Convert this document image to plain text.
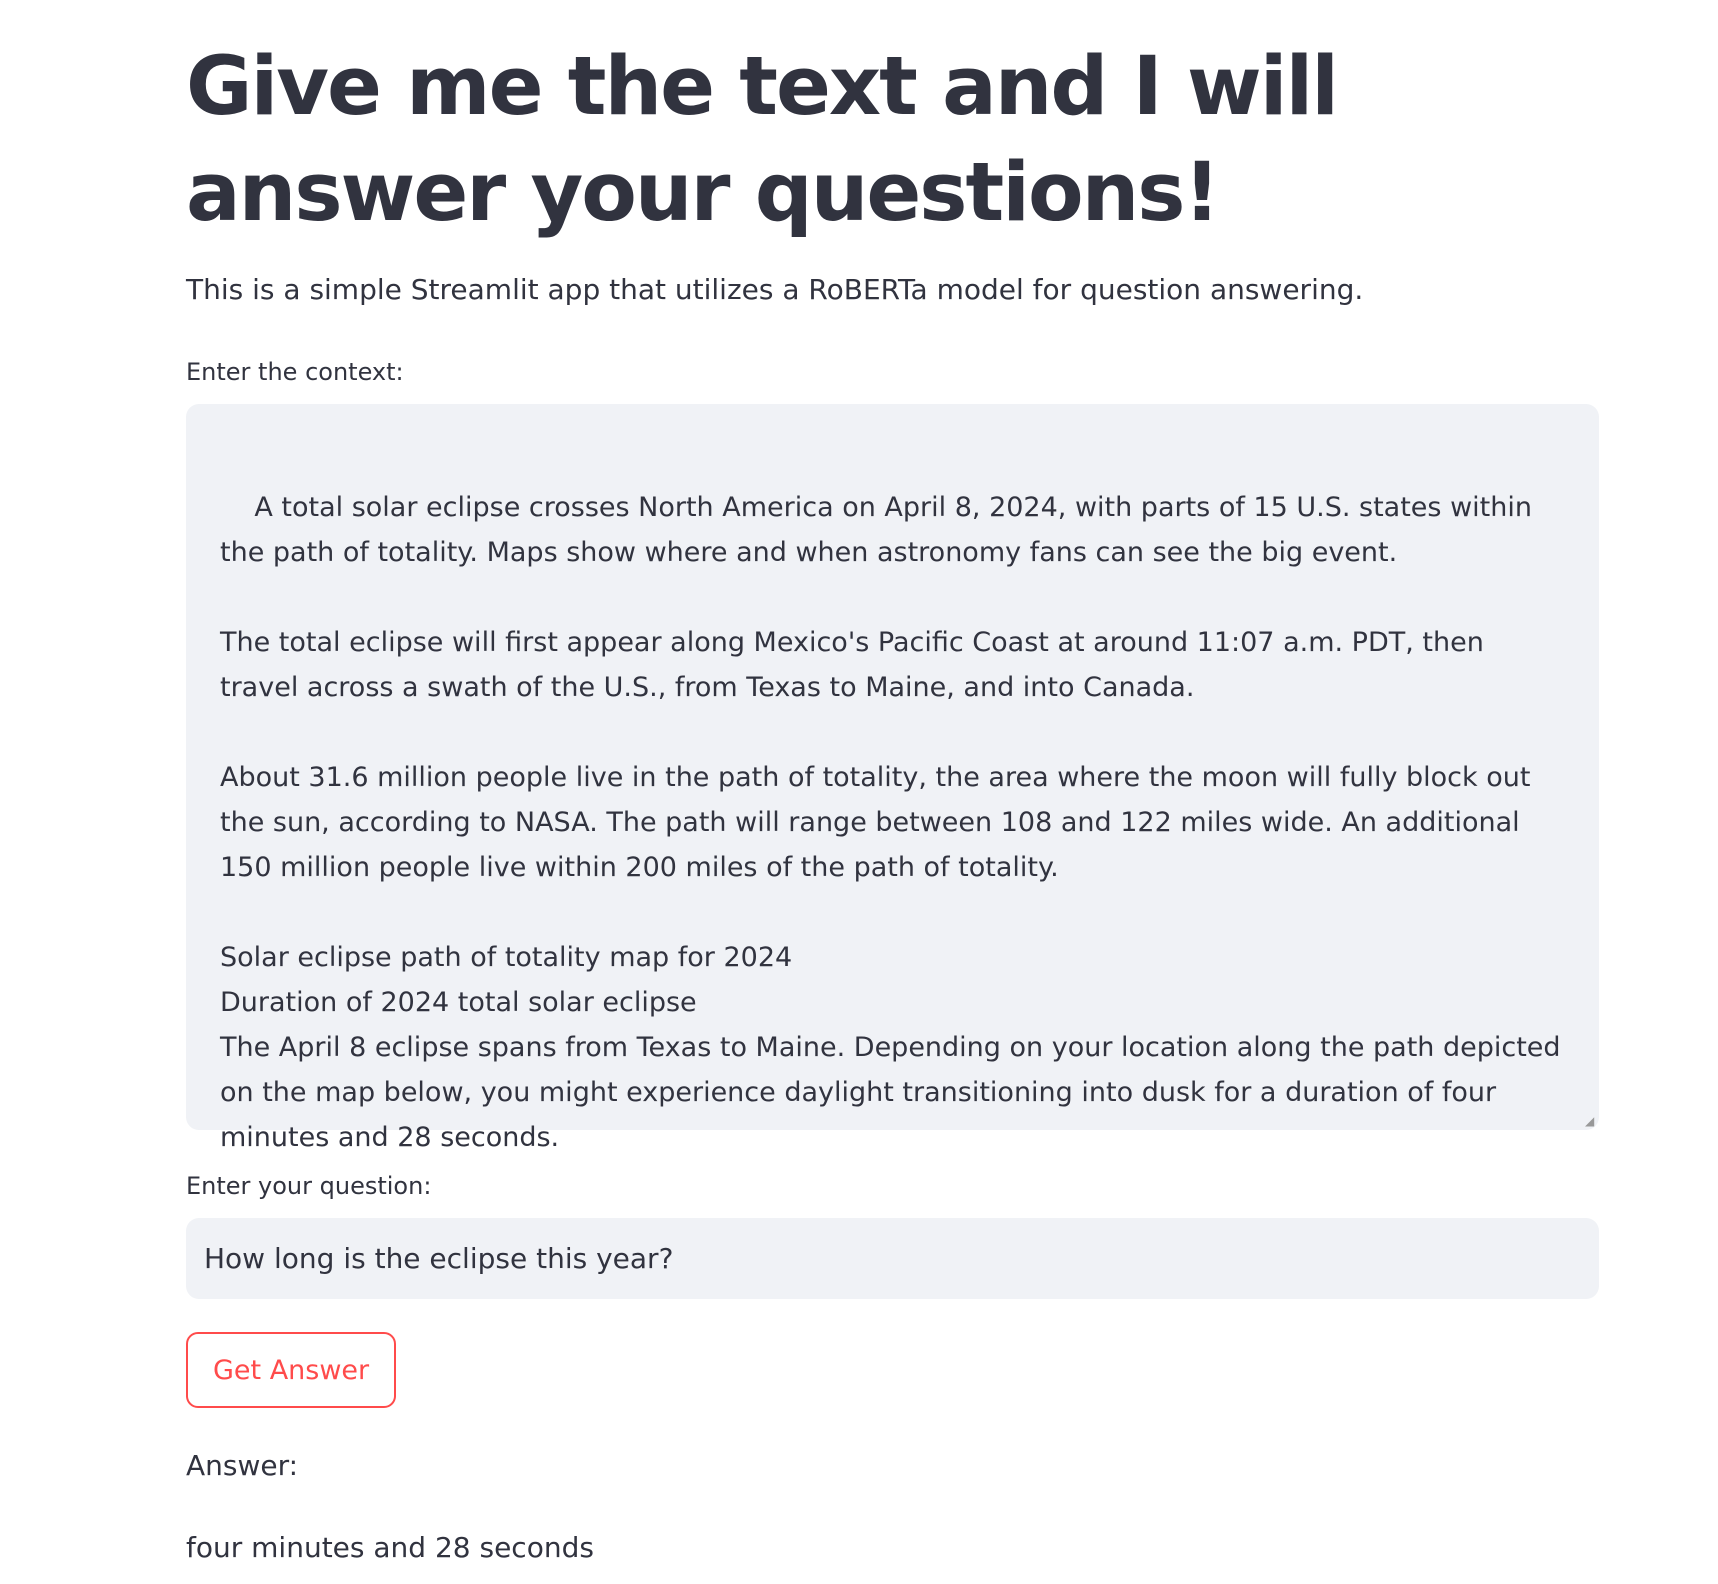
Give me the text and I will answer your questions!

This is a simple Streamlit app that utilizes a RoBERTa model for question answering.

Enter the context:

A total solar eclipse crosses North America on April 8, 2024, with parts of 15 U.S. states within the path of totality. Maps show where and when astronomy fans can see the big event.

The total eclipse will first appear along Mexico's Pacific Coast at around 11:07 a.m. PDT, then travel across a swath of the U.S., from Texas to Maine, and into Canada.

About 31.6 million people live in the path of totality, the area where the moon will fully block out the sun, according to NASA. The path will range between 108 and 122 miles wide. An additional 150 million people live within 200 miles of the path of totality.

Solar eclipse path of totality map for 2024
Duration of 2024 total solar eclipse
The April 8 eclipse spans from Texas to Maine. Depending on your location along the path depicted on the map below, you might experience daylight transitioning into dusk for a duration of four minutes and 28 seconds.

◢

Enter your question:
How long is the eclipse this year?
Get Answer
Answer:
four minutes and 28 seconds
